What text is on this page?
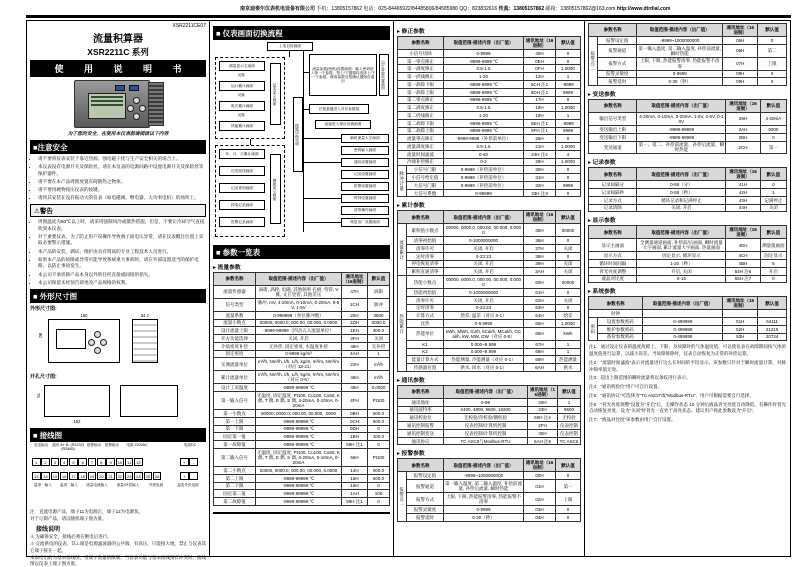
南京迪泰尔仪表机电设备有限公司 手机：13805157862 电话：025-84465922/84485806/84585986 QQ：823832616 传真：13805157862 邮箱：13805157862@163.com http://www.dtrdial.com
XSR2211CE07
流量积算器
XSR2211C 系列
使 用 说 明 书
为了您的安全，在使用本仪表前请阅读以下内容
■注意安全
• 请不要将仪表安装于靠近热源、强电磁干扰与生产安全相关的场合上。
• 本仪表没有电源开关及保险丝，请在本仪表的电源回路中设置电源开关及保险丝等保护器件。
• 请不要在本产品周围放置有碍散热之物体。
• 请不要用硬物按压仪表的按键。
• 请将其安装在没有振动大的仪表（如电磁阀、继电器、大功率电机）的场所上。
⚠警告
• 周围温度为50℃以上时，请采用强制风冷或散热措施，但是，不要让冷却空气直接吹到本仪表。
• 对于重要仪表，为了防止用户误操作导致端子间电压异常，请在仪表醒目位置上采取必要警示措施。
• 本产品的安装、调试、维护由具有资质的专业工程技术人员进行。
• 如果本产品的故障或异常可能导致系统重大事故时，请在外部设置适当的保护电路，以防止事故发生。
• 本公司不承担除产品本身以外的任何直接或间接的损失。
• 本公司保留未经预告即更改产品规格的权利。
■ 外形尺寸图
外形尺寸图:
160
80
34.1
开孔尺寸图:
76
152
■ 接线图
变送输出	通讯 A+ B- (RS232)(RS485)
报警输出 报警输出	电源 220VAC	电源DC
1	2	3	4	5	6	7	8	9	10	11	12	+	-
13	14	15	16	17	18	19	20	21	22	23	24	25	26	+	-
温度一输入	温度二输入	流量电流输入	流量/补偿输入	外供电源	温变外供电源
注：直流电源产品，端子11为电源正，端子12为电源负。
对于订制产品，请以随机端子图为准。
接线说明
⚠ 为确保安全，接线必须在断电后进行。
⚠ 交流供电的仪表，其⊥端是电源滤波器的公共端，有高压，只能接大地，禁止与仪表其它端子接在一起。
本表给出的为基本接线图，受端子数量的限制，当仪表功能与基本接线图有冲突时，接线图以仪表上端子图为准。
■ 仪表画面切换流程
上电自检画面
测量显示主画面
切换
运行累计画面
切换
班次累计画面
切换
热能累计画面
基本显示画面
年、月、日累计画面
历史曲线画面
记录查询画面
掉电记录画面
报警记录画面
辅助显示画面
按键切换说明
流量参数(密码)设置画面：输入密码进入第一个参数，按上/下键循环选择上/下一个参数，修改参数后按确认键保存退出	运行参数设置画面
长按某键进入对应参数组
直接进入相应设置画面
瞬时流量大字画面
密码输入画面
通讯设置画面
记录设置画面
报警设置画面
时钟设置画面
清零操作画面
恢复出厂设置画面
■ 参数一览表
▸ 流量参数
参数名称	取值范围-描述内容（出厂值）	通讯地址（16进制）	默认值
流量传感器	涡街, 涡轮, 电磁, 其他频率 孔板, 弯管, V锥, 文丘里管, 其他差压	47H	涡街
信号类型	脉冲, mV, 4-20mA, 0-10mA, 0-20mA, 0-5V, 1-5V	1CH	脉冲
流量系数	0-999999（单位脉冲数）	25H	3600
流量小数点	00000, 0000.0, 000.00, 00.000, 0.0000	1DH	0000.0
设计流量上限	-9999-99999（四舍五入流量单位）	1EH	300.0
开方功能选择	关闭, 开启	3FH	关闭
介质密度补偿	无补偿, 固定密度, 水温度补偿	48H	无补偿
固定密度	0-9999 kg/m³	4AH	1
实测流量单位	m³/h, Nm³/h, t/h, L/h, kg/m, m³/m, Nm³/m（对应 13-21）	22H	m³/h
累计流量单位	m³/h, Nm³/h, t/h, L/h, kg/m, m³/m, Nm³/m（对应 0-6）	46H	m³/h
设计工况温度	-9999-99999 ℃	45H	0.0000
第一输入信号	无温度, 固定温度, Pt100, Cu100, Cu50, K 偶, T 偶, E 偶, S 偶, 4-20mA, 0-10mA, 0-20mA	4FH	Pt100
第一小数点	00000, 0000.0, 000.00, 00.000, .0000	0BH	000.0
第一上限	-9999-99999 ℃	0CH	500.0
第一下限	-9999-99999 ℃	0DH	0
固定第一值	-9999-99999 ℃	1BH	100.0
第一故障值	-9999-99999 ℃	58H 注1	0
第二输入信号	无温度, 固定温度, Pt100, Cu100, Cu50, K 偶, T 偶, E 偶, S 偶, 4-20mA, 0-10mA, 0-20mA	56H	Pt100
第二小数点	00000, 0000.0, 000.00, 00.000, 0.0000	14H	000.0
第二上限	-9999-99999 ℃	15H	500.0
第二下限	-9999-99999 ℃	16H	0
固定第二值	-9999-99999 ℃	1AH	100
第二故障值	-9999-99999 ℃	59H 注1	0
▸ 修正参数
参数名称		取值范围-描述内容（出厂值）	通讯地址（16进制）	默认值
小信号切除		0-9999	40H	0
第一零点修正		-9999-9999 ℃	0EH	0
第一满度修正		0.5-1.5	0FH	1.0000
第一折线修正		1-20	12H	1
第一故障下限		-9999-9999 ℃	5CH 注1	-9999
第一故障上限		-9999-9999 ℃	5DH 注1	9999
第二零点修正		-9999-9999 ℃	17H	0
第二满度修正		0.5-1.5	18H	1.0000
第二折线修正		1-20	19H	1
第二故障下限		-9999-9999 ℃	5EH 注1	-9999
第二故障上限		-9999-9999 ℃	5FH 注1	9999
流量零点修正		-9999-9999（补偿前单位）	26H	0
流量满度修正		0.5-1.5	21H	1.0000
流量时间滤波		0-60	24H 注2	4
冷端补偿修正		0-2	28H	1.0000
脉冲计量	小信号门限	0-9999（补偿前单位）	30H	0
	小信号给定值	0-9999（补偿前单位）	31H	0
	大信号门限	0-9999（补偿前单位）	32H	9999
	大信号系数	0-99999	33H 注3	0
▸ 累计参数
参数名称		取值范围-描述内容（出厂值）	通讯地址（16进制）	默认值
流量累计	累积值小数点	00000, 0000.0, 000.00, 00.000, 0.0000	35H	00000
	清零初始值	0-1000000000	36H	0
	清零许可	关闭, 开启	37H	关闭
	定时清零	0-23:23	38H	0
	停电恢复清零	关闭, 开启	39H	关闭
	累积直通清零	关闭, 开启	3AH	关闭
热能累计	热能小数点	00000, 0000.0, 000.00, 00.000, 0.0000	60H	00000
	热能初始值	0-1000000000	61H	0
	清零许可	关闭, 开启	62H	关闭
	定时清零	0-23:23	63H	0
	计算方式	焓差, 温差（对应 0-1）	64H	焓差
	比热	0-9.9999	65H	1.0000
	热能单位	kWh, MWh, GJ/h, kCal/h, MCal/h, GCal/h, kW, MW, GW（对应 0-8）	66H	kWh
	K1	0.000~9.999	67H	1
	K2	0.000~9.999	68H	1
	能量计算方式	热能测量, 冷能测量（对应 0-1）	69H	热能测量
	传感器位置	供水, 回水（对应 0-1）	6AH	供水
▸ 通讯参数
参数名称	取值范围-描述内容（出厂值）	通讯地址（16进制）	默认值
通讯地址	0-99	20H	1
通讯波特率	2400, 4800, 9600, 19200	23H	9600
通讯校验位	无校验/奇校验/偶校验	50H 注4	无校验
通讯控制报警	仪表控制/计算机控制	2FH	仪表控制
通讯控制变送	仪表控制/计算机控制	30H	仪表控制
通讯协议	TC ASCII与Modbus-RTU	5AH 注5	TC ASCII
▸ 报警参数
参数名称		取值范围-描述内容（出厂值）	通讯地址（16进制）	默认值
报警点一	报警设定值	-9999~1000000000	00H	0
	报警通道	第一输入温度, 第二输入温度, 补偿前流量, 补偿后流量, 瞬时热能	01H	第一
	报警方式	上限, 下限, 热能报警清零, 热能报警不清零	02H	上限
	报警灵敏度	0-9999	03H	0
	报警延时	0-30（秒）	04H	0
参数名称		取值范围-描述内容（出厂值）	通讯地址（16进制）	默认值
报警点二	报警设定值	-9999~1000000000	05H	0
	报警通道	第一输入温度, 第二输入温度, 补偿前流量, 瞬时热能	06H	第二
	报警方式	上限, 下限, 热能报警清零, 热能报警不清零	07H	上限
	报警灵敏度	0-9999	08H	0
	报警延时	0-30（秒）	09H	0
▸ 变送参数
参数名称	取值范围-描述内容（出厂值）	通讯地址（16进制）	默认值
输出信号类型	4-20mA, 0-10mA, 0-20mA, 1-5V, 0-5V, 0-10V	29H	4-20mA
变送输出上限	-9999-99999	2AH	5000
变送输出下限	-9999-99999	2BH	0
变送通道	第一、第二、补偿前流量、补偿后流量、瞬时热能	2CH	第一
▸ 记录参数
参数名称	取值范围-描述内容（出厂值）	通讯地址（16进制）	默认值
记录间隔分	0-59（分）	41H	0
记录间隔秒	0-59（秒）	42H	1
记录方式	循环记录和记满停止	43H	记满停止
记录清除	关闭, 开启	44H	关闭
▸ 显示参数
参数名称	取值范围-描述内容（出厂值）	通讯地址（16进制）	默认值
显示主画面	全测量通道画面, 补偿前/后画面, 瞬时流量大字画面, 累计流量大字画面, 热量画面	4DH	测量值画面
显示方式	固定显示, 循环显示	4CH	固定显示
循环时间间隔	1-20（秒）	4BH	5
背光亮度调整	开启, 关闭	54H 注6	开启
液晶对比度	0-15	55H 注7	0
▸ 系统参数
参数名称		取值范围-描述内容（出厂值）	通讯地址（16进制）	默认值
时钟				
密码	设置参数密码	0-499999	51H	64111
	维护参数密码	0-499999	52H	21215
	备份参数密码	0-499999	53H	20724
注1：通过设定仪表的温度故障上、下限，及故障时的气体温度值，可以使仪表在故障期间按气体的温度值进行运算，以减小误差。当故障排除时，仪表自动恢复为正常的补偿运算。
注2：“流量时间滤波”表示对流量进行这么长时间的平均显示。该参数只针对于瞬时流量计算，对脉冲频率值无效。
注3：超出上限范围的瞬时流量将以条纹进行表示。
注4：“通讯校验位”用户可自行设置。
注5：“通讯协议”可选择为“TC ASCII”或“Modbus-RTU”，用户可根据需要自行选择。
注6：“背光亮度调整”设置为“开启”后，无操作状态 10 分钟后液晶背光亮度自动降低，有操作时背光自动恢复亮度；设为“关闭”时背光一直处于高亮状态。建议用户将此参数设为“开启”。
注7：“液晶对比度”该参数由用户自行设置。
